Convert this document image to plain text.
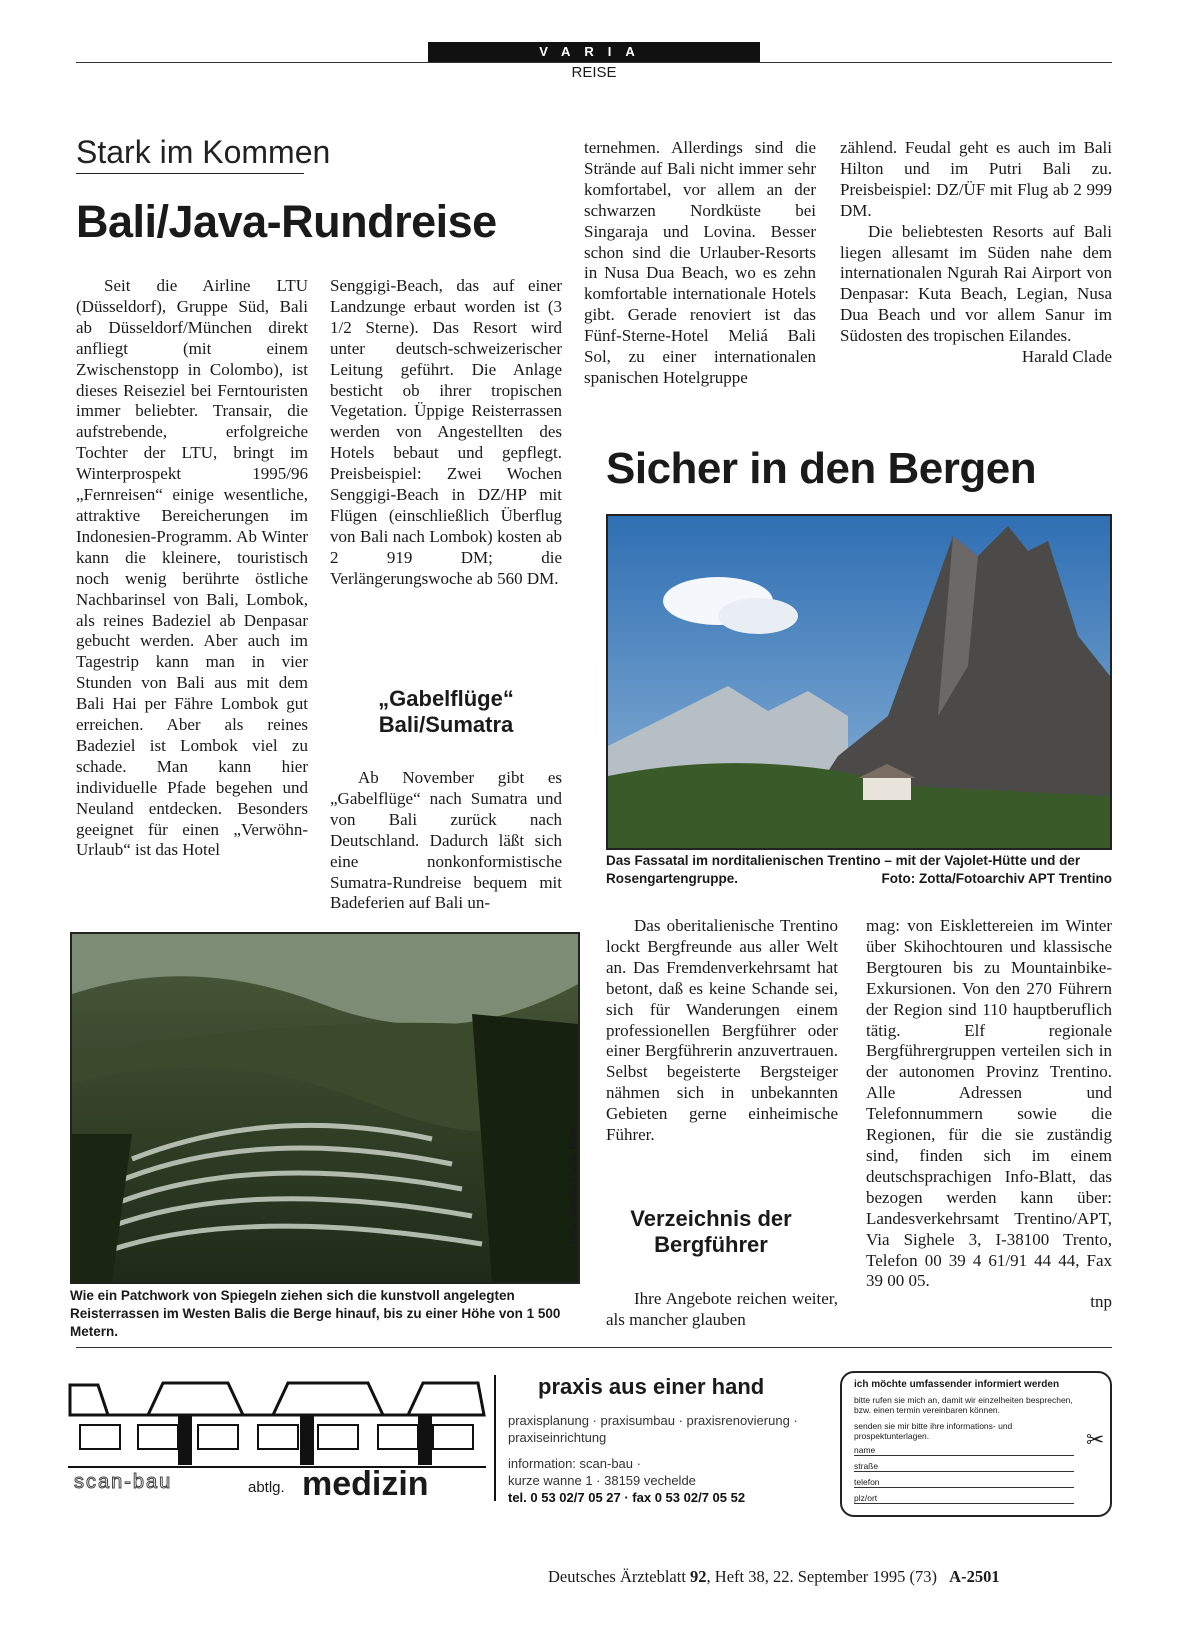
VARIA
REISE
Stark im Kommen
Bali/Java-Rundreise

Seit die Airline LTU (Düsseldorf), Gruppe Süd, Bali ab Düsseldorf/München direkt anfliegt (mit einem Zwischenstopp in Colombo), ist dieses Reiseziel bei Ferntouristen immer beliebter. Transair, die aufstrebende, erfolgreiche Tochter der LTU, bringt im Winterprospekt 1995/96 „Fernreisen“ einige wesentliche, attraktive Bereicherungen im Indonesien-Programm. Ab Winter kann die kleinere, touristisch noch wenig berührte östliche Nachbarinsel von Bali, Lombok, als reines Badeziel ab Denpasar gebucht werden. Aber auch im Tagestrip kann man in vier Stunden von Bali aus mit dem Bali Hai per Fähre Lombok gut erreichen. Aber als reines Badeziel ist Lombok viel zu schade. Man kann hier individuelle Pfade begehen und Neuland entdecken. Besonders geeignet für einen „Verwöhn-Urlaub“ ist das Hotel

Senggigi-Beach, das auf einer Landzunge erbaut worden ist (3 1/2 Sterne). Das Resort wird unter deutsch-schweizerischer Leitung geführt. Die Anlage besticht ob ihrer tropischen Vegetation. Üppige Reisterrassen werden von Angestellten des Hotels bebaut und gepflegt. Preisbeispiel: Zwei Wochen Senggigi-Beach in DZ/HP mit Flügen (einschließlich Überflug von Bali nach Lombok) kosten ab 2 919 DM; die Verlängerungswoche ab 560 DM.

„Gabelflüge“ Bali/Sumatra

Ab November gibt es „Gabelflüge“ nach Sumatra und von Bali zurück nach Deutschland. Dadurch läßt sich eine nonkonformistische Sumatra-Rundreise bequem mit Badeferien auf Bali un-

ternehmen. Allerdings sind die Strände auf Bali nicht immer sehr komfortabel, vor allem an der schwarzen Nordküste bei Singaraja und Lovina. Besser schon sind die Urlauber-Resorts in Nusa Dua Beach, wo es zehn komfortable internationale Hotels gibt. Gerade renoviert ist das Fünf-Sterne-Hotel Meliá Bali Sol, zu einer internationalen spanischen Hotelgruppe

zählend. Feudal geht es auch im Bali Hilton und im Putri Bali zu. Preisbeispiel: DZ/ÜF mit Flug ab 2 999 DM.

Die beliebtesten Resorts auf Bali liegen allesamt im Süden nahe dem internationalen Ngurah Rai Airport von Denpasar: Kuta Beach, Legian, Nusa Dua Beach und vor allem Sanur im Südosten des tropischen Eilandes.

Harald Clade
Foto: Harald Clade, Köln
Wie ein Patchwork von Spiegeln ziehen sich die kunstvoll angelegten Reisterrassen im Westen Balis die Berge hinauf, bis zu einer Höhe von 1 500 Metern.
Sicher in den Bergen
Das Fassatal im norditalienischen Trentino – mit der Vajolet-Hütte und der Rosengartengruppe.	Foto: Zotta/Fotoarchiv APT Trentino

Das oberitalienische Trentino lockt Bergfreunde aus aller Welt an. Das Fremdenverkehrsamt hat betont, daß es keine Schande sei, sich für Wanderungen einem professionellen Bergführer oder einer Bergführerin anzuvertrauen. Selbst begeisterte Bergsteiger nähmen sich in unbekannten Gebieten gerne einheimische Führer.

Verzeichnis der Bergführer

Ihre Angebote reichen weiter, als mancher glauben

mag: von Eisklettereien im Winter über Skihochtouren und klassische Bergtouren bis zu Mountainbike-Exkursionen. Von den 270 Führern der Region sind 110 hauptberuflich tätig. Elf regionale Bergführergruppen verteilen sich in der autonomen Provinz Trentino. Alle Adressen und Telefonnummern sowie die Regionen, für die sie zuständig sind, finden sich im einem deutschsprachigen Info-Blatt, das bezogen werden kann über: Landesverkehrsamt Trentino/APT, Via Sighele 3, I-38100 Trento, Telefon 00 39 4 61/91 44 44, Fax 39 00 05.

tnp
scan-bau	abtlg. medizin
praxis aus einer hand
praxisplanung · praxisumbau · praxisrenovierung · praxiseinrichtung
information: scan-bau ·
kurze wanne 1 · 38159 vechelde
tel. 0 53 02/7 05 27 · fax 0 53 02/7 05 52
ich möchte umfassender informiert werden
bitte rufen sie mich an, damit wir einzelheiten besprechen, bzw. einen termin vereinbaren können.
senden sie mir bitte ihre informations- und prospektunterlagen.
name
straße
telefon
plz/ort
✂
Deutsches Ärzteblatt 92, Heft 38, 22. September 1995 (73) A-2501
